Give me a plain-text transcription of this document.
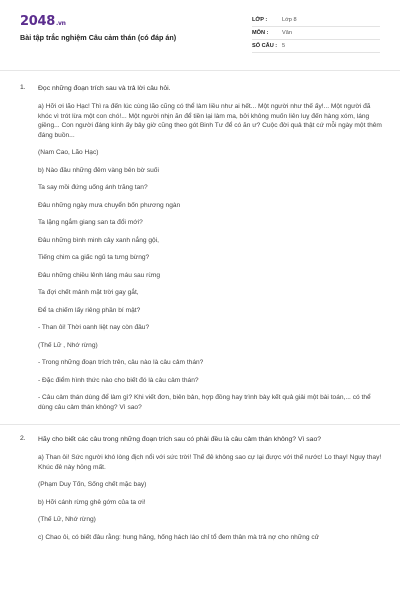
2048.vn
Bài tập trắc nghiệm Câu cảm thán (có đáp án)
LỚP :	Lớp 8
MÔN :	Văn
SỐ CÂU : 5
1.	Đọc những đoạn trích sau và trả lời câu hỏi.
a) Hỡi ơi lão Hạc! Thì ra đến lúc cùng lão cũng có thể làm liều như ai hết... Một người như thế ấy!... Một người đã khóc vì trót lừa một con chó!... Một người nhịn ăn để tiền lại làm ma, bởi không muốn liên luỵ đến hàng xóm, láng giềng... Con người đáng kính ấy bây giờ cũng theo gót Binh Tư để có ăn ư? Cuộc đời quả thật cứ mỗi ngày một thêm đáng buồn...
(Nam Cao, Lão Hạc)
b) Nào đâu những đêm vàng bên bờ suối
Ta say mồi đứng uống ánh trăng tan?
Đâu những ngày mưa chuyển bốn phương ngàn
Ta lặng ngắm giang san ta đổi mới?
Đâu những bình minh cây xanh nắng gội,
Tiếng chim ca giấc ngủ ta tưng bừng?
Đâu những chiều lênh láng máu sau rừng
Ta đợi chết mảnh mặt trời gay gắt,
Để ta chiếm lấy riêng phần bí mật?
- Than ôi! Thời oanh liệt nay còn đâu?
(Thế Lữ , Nhớ rừng)
- Trong những đoạn trích trên, câu nào là câu cảm thán?
- Đặc điểm hình thức nào cho biết đó là câu cảm thán?
- Câu cảm thán dùng để làm gì? Khi viết đơn, biên bản, hợp đồng hay trình bày kết quả giải một bài toán,... có thể dùng câu cảm thán không? Vì sao?
2.	Hãy cho biết các câu trong những đoạn trích sau có phải đều là câu cảm thán không? Vì sao?
a) Than ôi! Sức người khó lòng địch nổi với sức trời! Thế đê không sao cự lại được với thế nước! Lo thay! Nguy thay! Khúc đê này hỏng mất.
(Phạm Duy Tốn, Sống chết mặc bay)
b) Hỡi cánh rừng ghê gớm của ta ơi!
(Thế Lữ, Nhớ rừng)
c) Chao ôi, có biết đâu rằng: hung hăng, hống hách láo chỉ tổ đem thân mà trả nợ cho những cử
